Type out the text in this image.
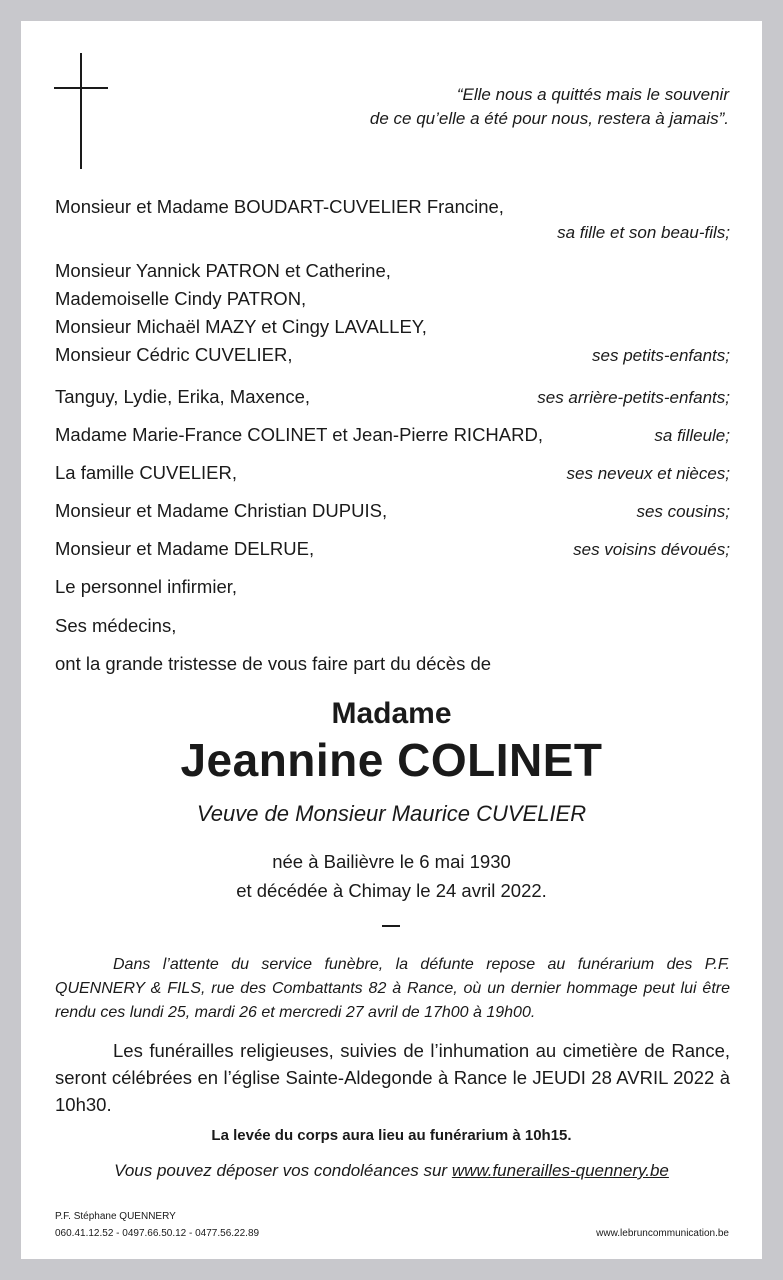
“Elle nous a quittés mais le souvenir
de ce qu’elle a été pour nous, restera à jamais”.
Monsieur et Madame BOUDART-CUVELIER Francine,
sa fille et son beau-fils;
Monsieur Yannick PATRON et Catherine,
Mademoiselle Cindy PATRON,
Monsieur Michaël MAZY et Cingy LAVALLEY,
Monsieur Cédric CUVELIER,	ses petits-enfants;
Tanguy, Lydie, Erika, Maxence,	ses arrière-petits-enfants;
Madame Marie-France COLINET et Jean-Pierre RICHARD,	sa filleule;
La famille CUVELIER,	ses neveux et nièces;
Monsieur et Madame Christian DUPUIS,	ses cousins;
Monsieur et Madame DELRUE,	ses voisins dévoués;
Le personnel infirmier,
Ses médecins,
ont la grande tristesse de vous faire part du décès de
Madame
Jeannine COLINET
Veuve de Monsieur Maurice CUVELIER
née à Bailièvre le 6 mai 1930
et décédée à Chimay le 24 avril 2022.
Dans l’attente du service funèbre, la défunte repose au funérarium des P.F. QUENNERY & FILS, rue des Combattants 82 à Rance, où un dernier hommage peut lui être rendu ces lundi 25, mardi 26 et mercredi 27 avril de 17h00 à 19h00.
Les funérailles religieuses, suivies de l’inhumation au cimetière de Rance, seront célébrées en l’église Sainte-Aldegonde à Rance le JEUDI 28 AVRIL 2022 à 10h30.
La levée du corps aura lieu au funérarium à 10h15.
Vous pouvez déposer vos condoléances sur www.funerailles-quennery.be
P.F. Stéphane QUENNERY
060.41.12.52 - 0497.66.50.12 - 0477.56.22.89	www.lebruncommunication.be
